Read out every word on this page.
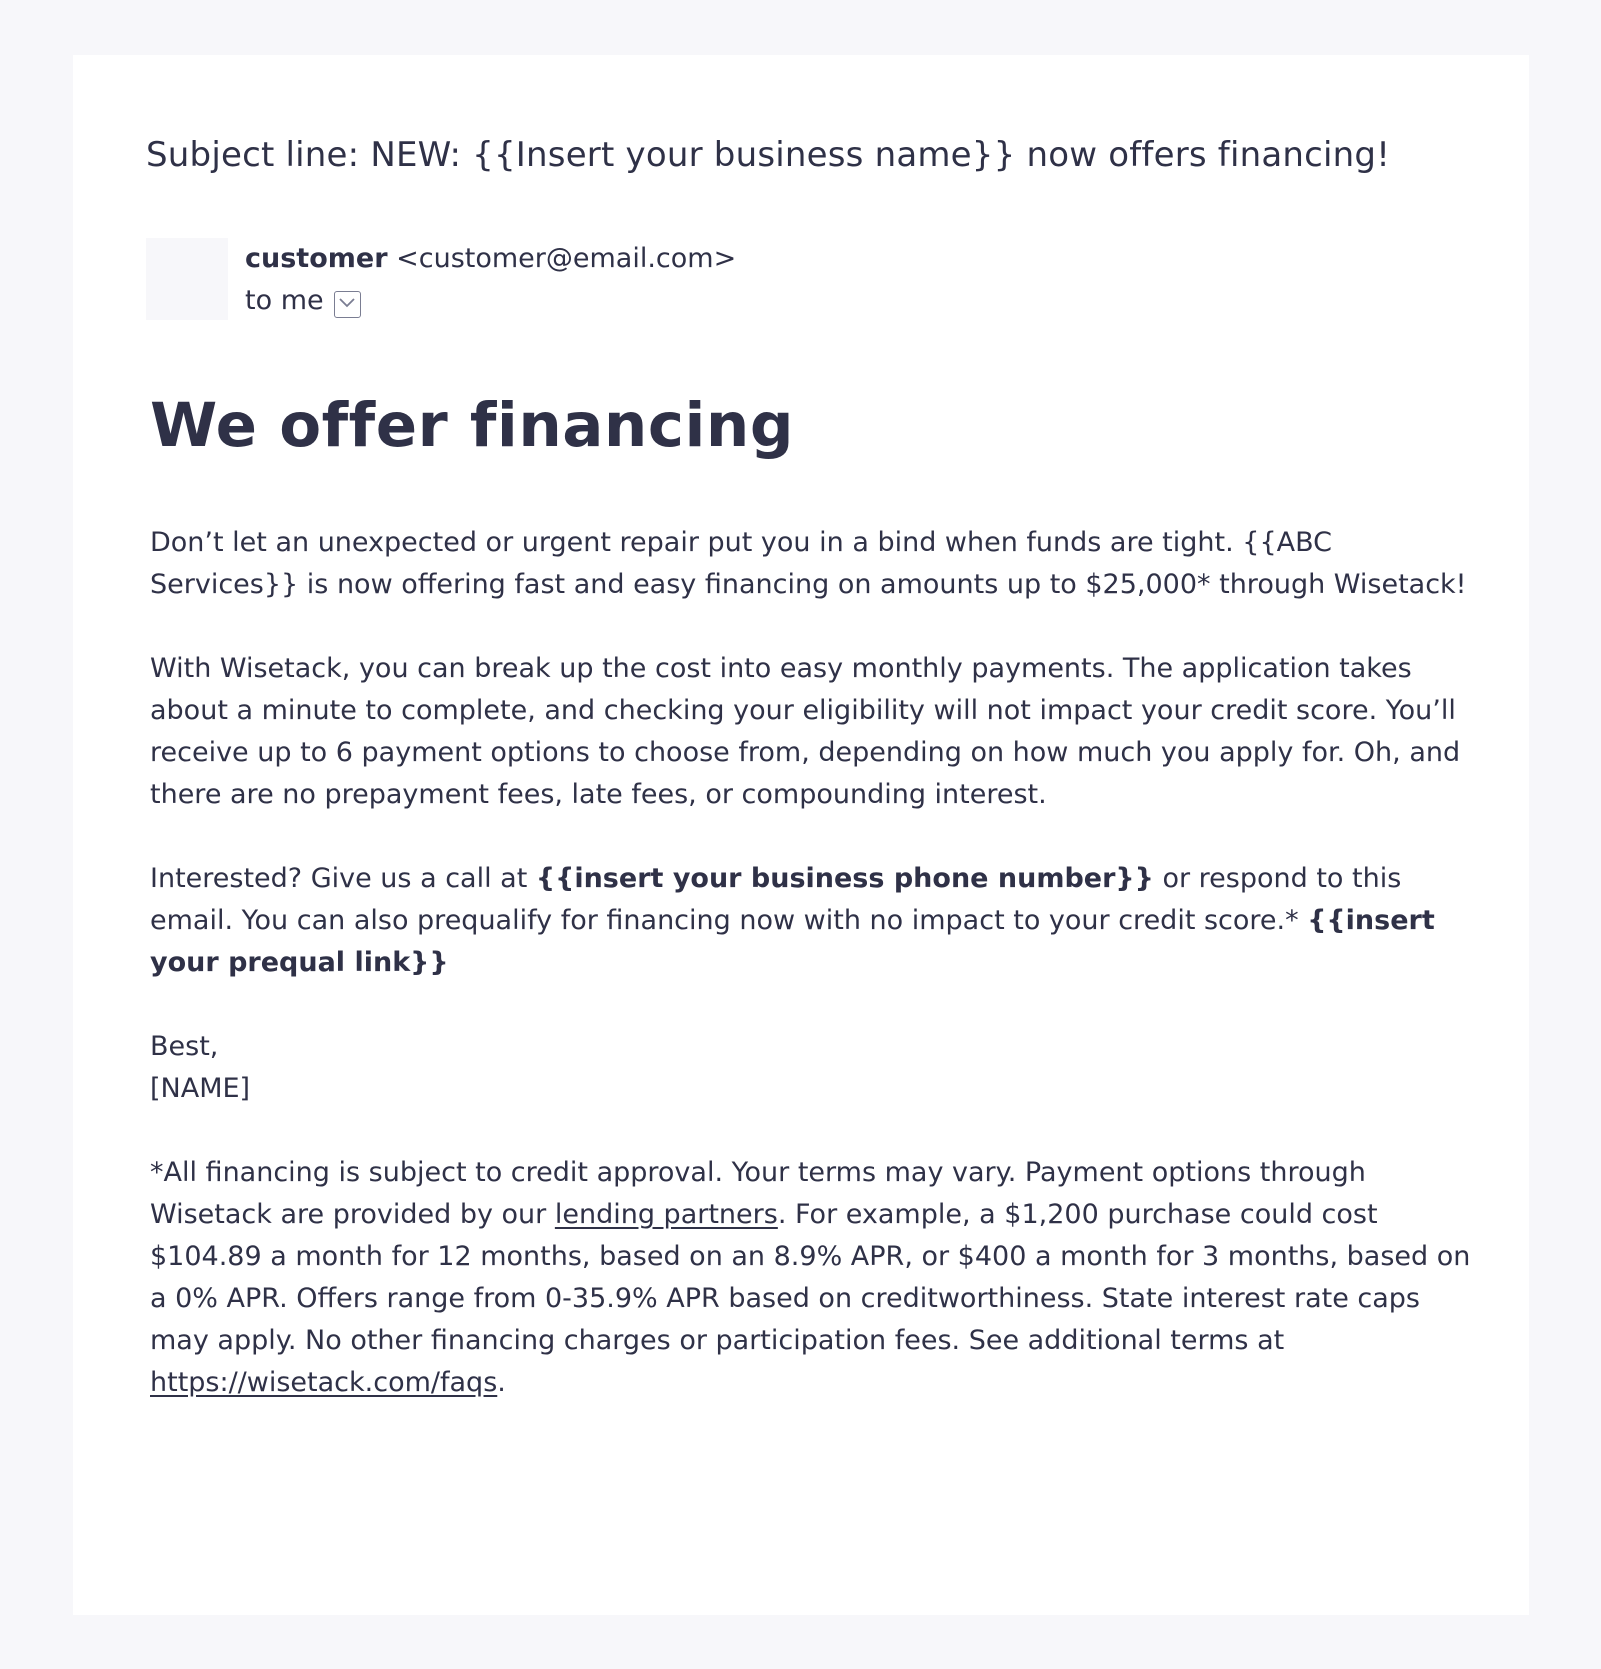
Subject line: NEW: {{Insert your business name}} now offers financing!
customer <customer@email.com>
to me
We offer financing

Don’t let an unexpected or urgent repair put you in a bind when funds are tight. {{ABC Services}} is now offering fast and easy financing on amounts up to $25,000* through Wisetack!

With Wisetack, you can break up the cost into easy monthly payments. The application takes about a minute to complete, and checking your eligibility will not impact your credit score. You’ll receive up to 6 payment options to choose from, depending on how much you apply for. Oh, and there are no prepayment fees, late fees, or compounding interest.

Interested? Give us a call at {{insert your business phone number}} or respond to this email. You can also prequalify for financing now with no impact to your credit score.* {{insert your prequal link}}

Best,
[NAME]

*All financing is subject to credit approval. Your terms may vary. Payment options through Wisetack are provided by our lending partners. For example, a $1,200 purchase could cost $104.89 a month for 12 months, based on an 8.9% APR, or $400 a month for 3 months, based on a 0% APR. Offers range from 0-35.9% APR based on creditworthiness. State interest rate caps may apply. No other financing charges or participation fees. See additional terms at https://wisetack.com/faqs.
